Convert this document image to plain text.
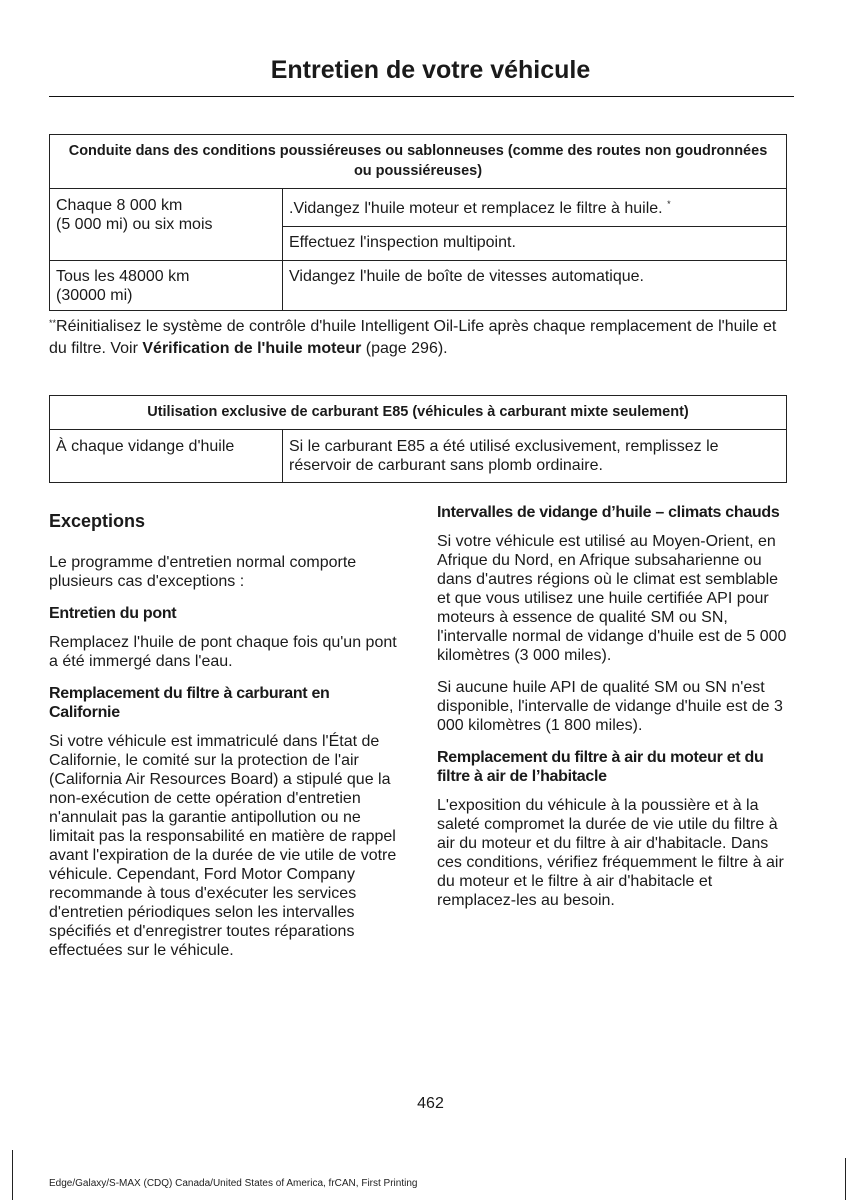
Entretien de votre véhicule
Conduite dans des conditions poussiéreuses ou sablonneuses (comme des routes non goudronnées ou poussiéreuses)	
Chaque 8 000 km
(5 000 mi) ou six mois	.Vidangez l'huile moteur et remplacez le filtre à huile. *
	Effectuez l'inspection multipoint.
Tous les 48000 km
(30000 mi)	Vidangez l'huile de boîte de vitesses automatique.

**Réinitialisez le système de contrôle d'huile Intelligent Oil-Life après chaque remplacement de l'huile et du filtre. Voir Vérification de l'huile moteur (page 296).

Utilisation exclusive de carburant E85 (véhicules à carburant mixte seulement)
À chaque vidange d'huile	Si le carburant E85 a été utilisé exclusivement, remplissez le réservoir de carburant sans plomb ordinaire.
Exceptions

Le programme d'entretien normal comporte plusieurs cas d'exceptions :

Entretien du pont

Remplacez l'huile de pont chaque fois qu'un pont a été immergé dans l'eau.

Remplacement du filtre à carburant en Californie

Si votre véhicule est immatriculé dans l'État de Californie, le comité sur la protection de l'air (California Air Resources Board) a stipulé que la non-exécution de cette opération d'entretien n'annulait pas la garantie antipollution ou ne limitait pas la responsabilité en matière de rappel avant l'expiration de la durée de vie utile de votre véhicule. Cependant, Ford Motor Company recommande à tous d'exécuter les services d'entretien périodiques selon les intervalles spécifiés et d'enregistrer toutes réparations effectuées sur le véhicule.

Intervalles de vidange d’huile – climats chauds

Si votre véhicule est utilisé au Moyen-Orient, en Afrique du Nord, en Afrique subsaharienne ou dans d'autres régions où le climat est semblable et que vous utilisez une huile certifiée API pour moteurs à essence de qualité SM ou SN, l'intervalle normal de vidange d'huile est de 5 000 kilomètres (3 000 miles).

Si aucune huile API de qualité SM ou SN n'est disponible, l'intervalle de vidange d'huile est de 3 000 kilomètres (1 800 miles).

Remplacement du filtre à air du moteur et du filtre à air de l’habitacle

L'exposition du véhicule à la poussière et à la saleté compromet la durée de vie utile du filtre à air du moteur et du filtre à air d'habitacle. Dans ces conditions, vérifiez fréquemment le filtre à air du moteur et le filtre à air d'habitacle et remplacez-les au besoin.

462
Edge/Galaxy/S-MAX (CDQ) Canada/United States of America, frCAN, First Printing
